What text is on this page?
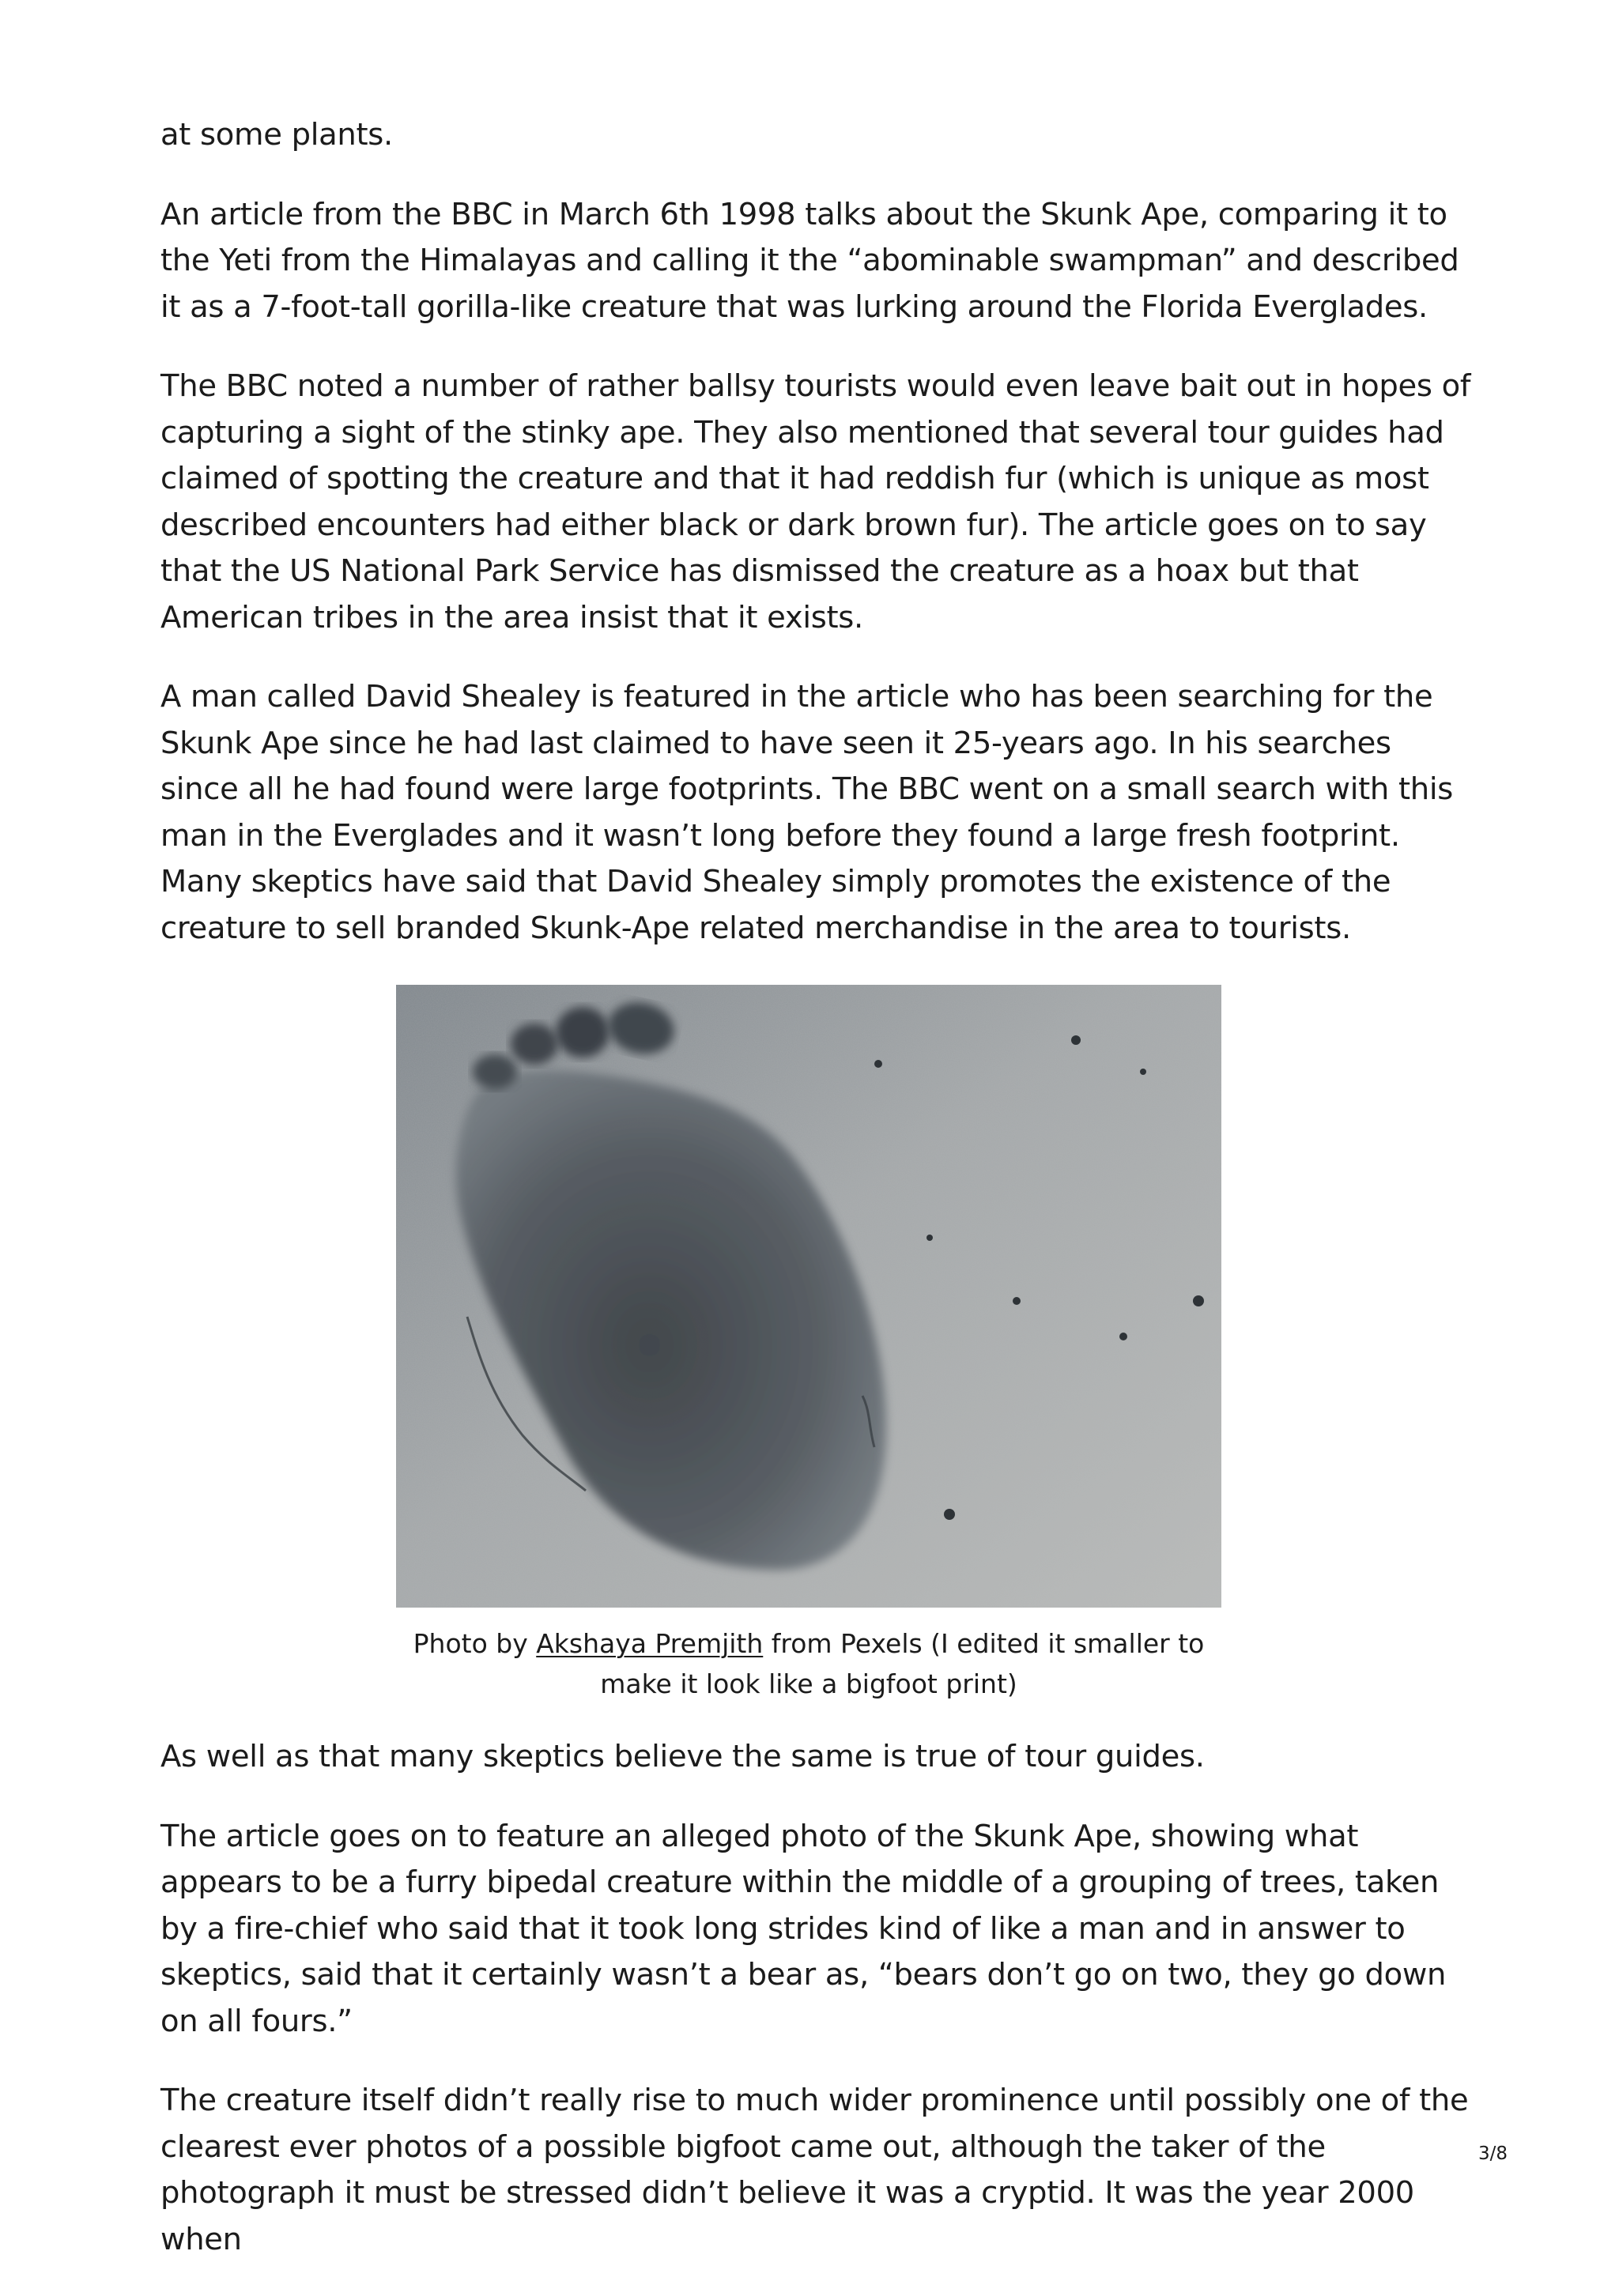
at some plants.

An article from the BBC in March 6th 1998 talks about the Skunk Ape, comparing it to the Yeti from the Himalayas and calling it the “abominable swampman” and described it as a 7-foot-tall gorilla-like creature that was lurking around the Florida Everglades.

The BBC noted a number of rather ballsy tourists would even leave bait out in hopes of capturing a sight of the stinky ape. They also mentioned that several tour guides had claimed of spotting the creature and that it had reddish fur (which is unique as most described encounters had either black or dark brown fur). The article goes on to say that the US National Park Service has dismissed the creature as a hoax but that American tribes in the area insist that it exists.

A man called David Shealey is featured in the article who has been searching for the Skunk Ape since he had last claimed to have seen it 25-years ago. In his searches since all he had found were large footprints. The BBC went on a small search with this man in the Everglades and it wasn’t long before they found a large fresh footprint. Many skeptics have said that David Shealey simply promotes the existence of the creature to sell branded Skunk-Ape related merchandise in the area to tourists.

Photo by Akshaya Premjith from Pexels (I edited it smaller to make it look like a bigfoot print)

As well as that many skeptics believe the same is true of tour guides.

The article goes on to feature an alleged photo of the Skunk Ape, showing what appears to be a furry bipedal creature within the middle of a grouping of trees, taken by a fire-chief who said that it took long strides kind of like a man and in answer to skeptics, said that it certainly wasn’t a bear as, “bears don’t go on two, they go down on all fours.”

The creature itself didn’t really rise to much wider prominence until possibly one of the clearest ever photos of a possible bigfoot came out, although the taker of the photograph it must be stressed didn’t believe it was a cryptid. It was the year 2000 when

3/8
